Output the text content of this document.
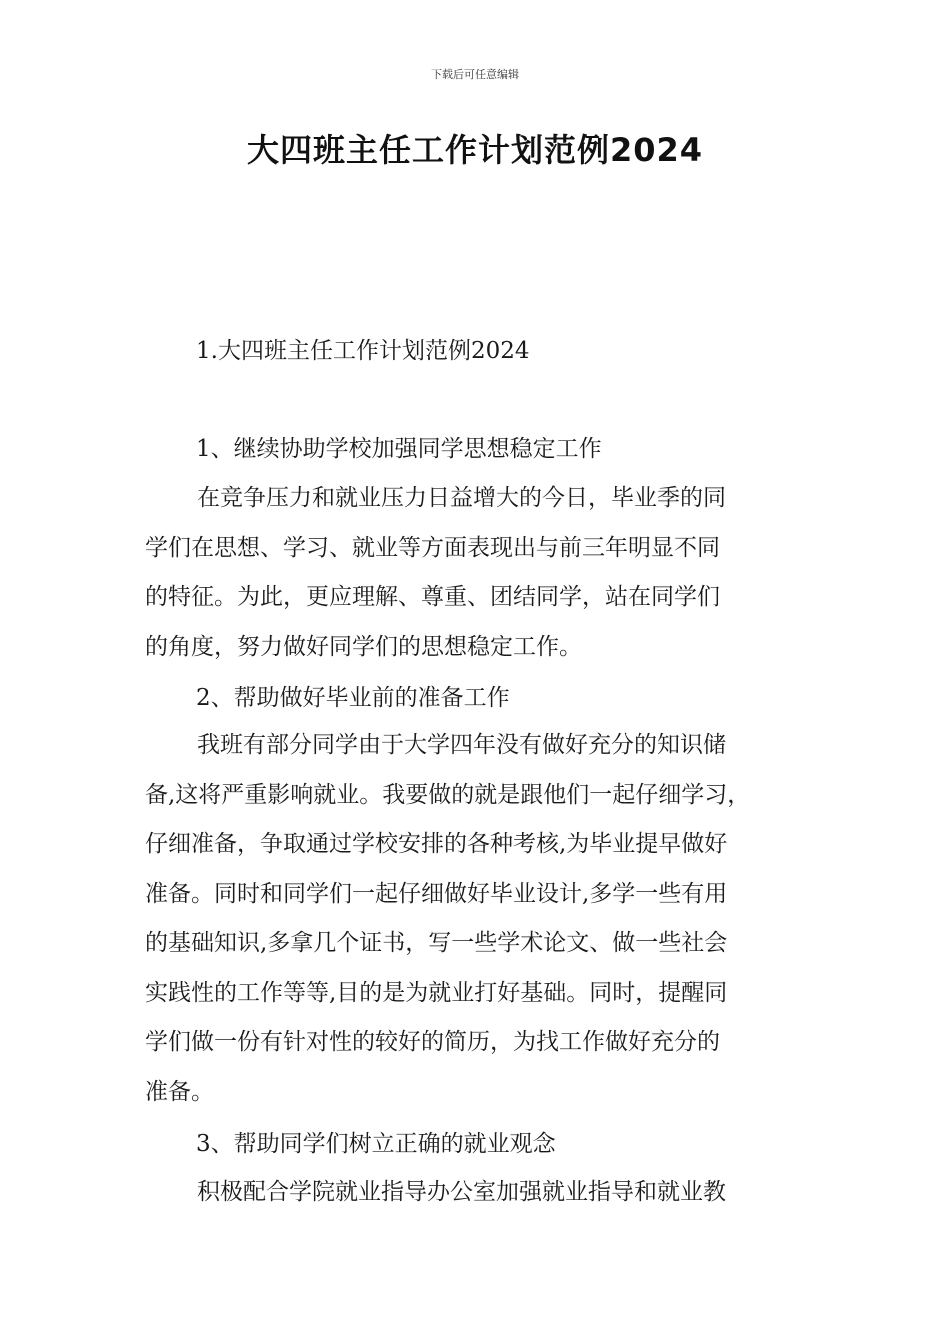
下载后可任意编辑
大四班主任工作计划范例2024
1.大四班主任工作计划范例2024
1、继续协助学校加强同学思想稳定工作
在竞争压力和就业压力日益增大的今日，毕业季的同
学们在思想、学习、就业等方面表现出与前三年明显不同
的特征。为此，更应理解、尊重、团结同学，站在同学们
的角度，努力做好同学们的思想稳定工作。
2、帮助做好毕业前的准备工作
我班有部分同学由于大学四年没有做好充分的知识储
备,这将严重影响就业。我要做的就是跟他们一起仔细学习，
仔细准备，争取通过学校安排的各种考核,为毕业提早做好
准备。同时和同学们一起仔细做好毕业设计,多学一些有用
的基础知识,多拿几个证书，写一些学术论文、做一些社会
实践性的工作等等,目的是为就业打好基础。同时，提醒同
学们做一份有针对性的较好的简历，为找工作做好充分的
准备。
3、帮助同学们树立正确的就业观念
积极配合学院就业指导办公室加强就业指导和就业教
